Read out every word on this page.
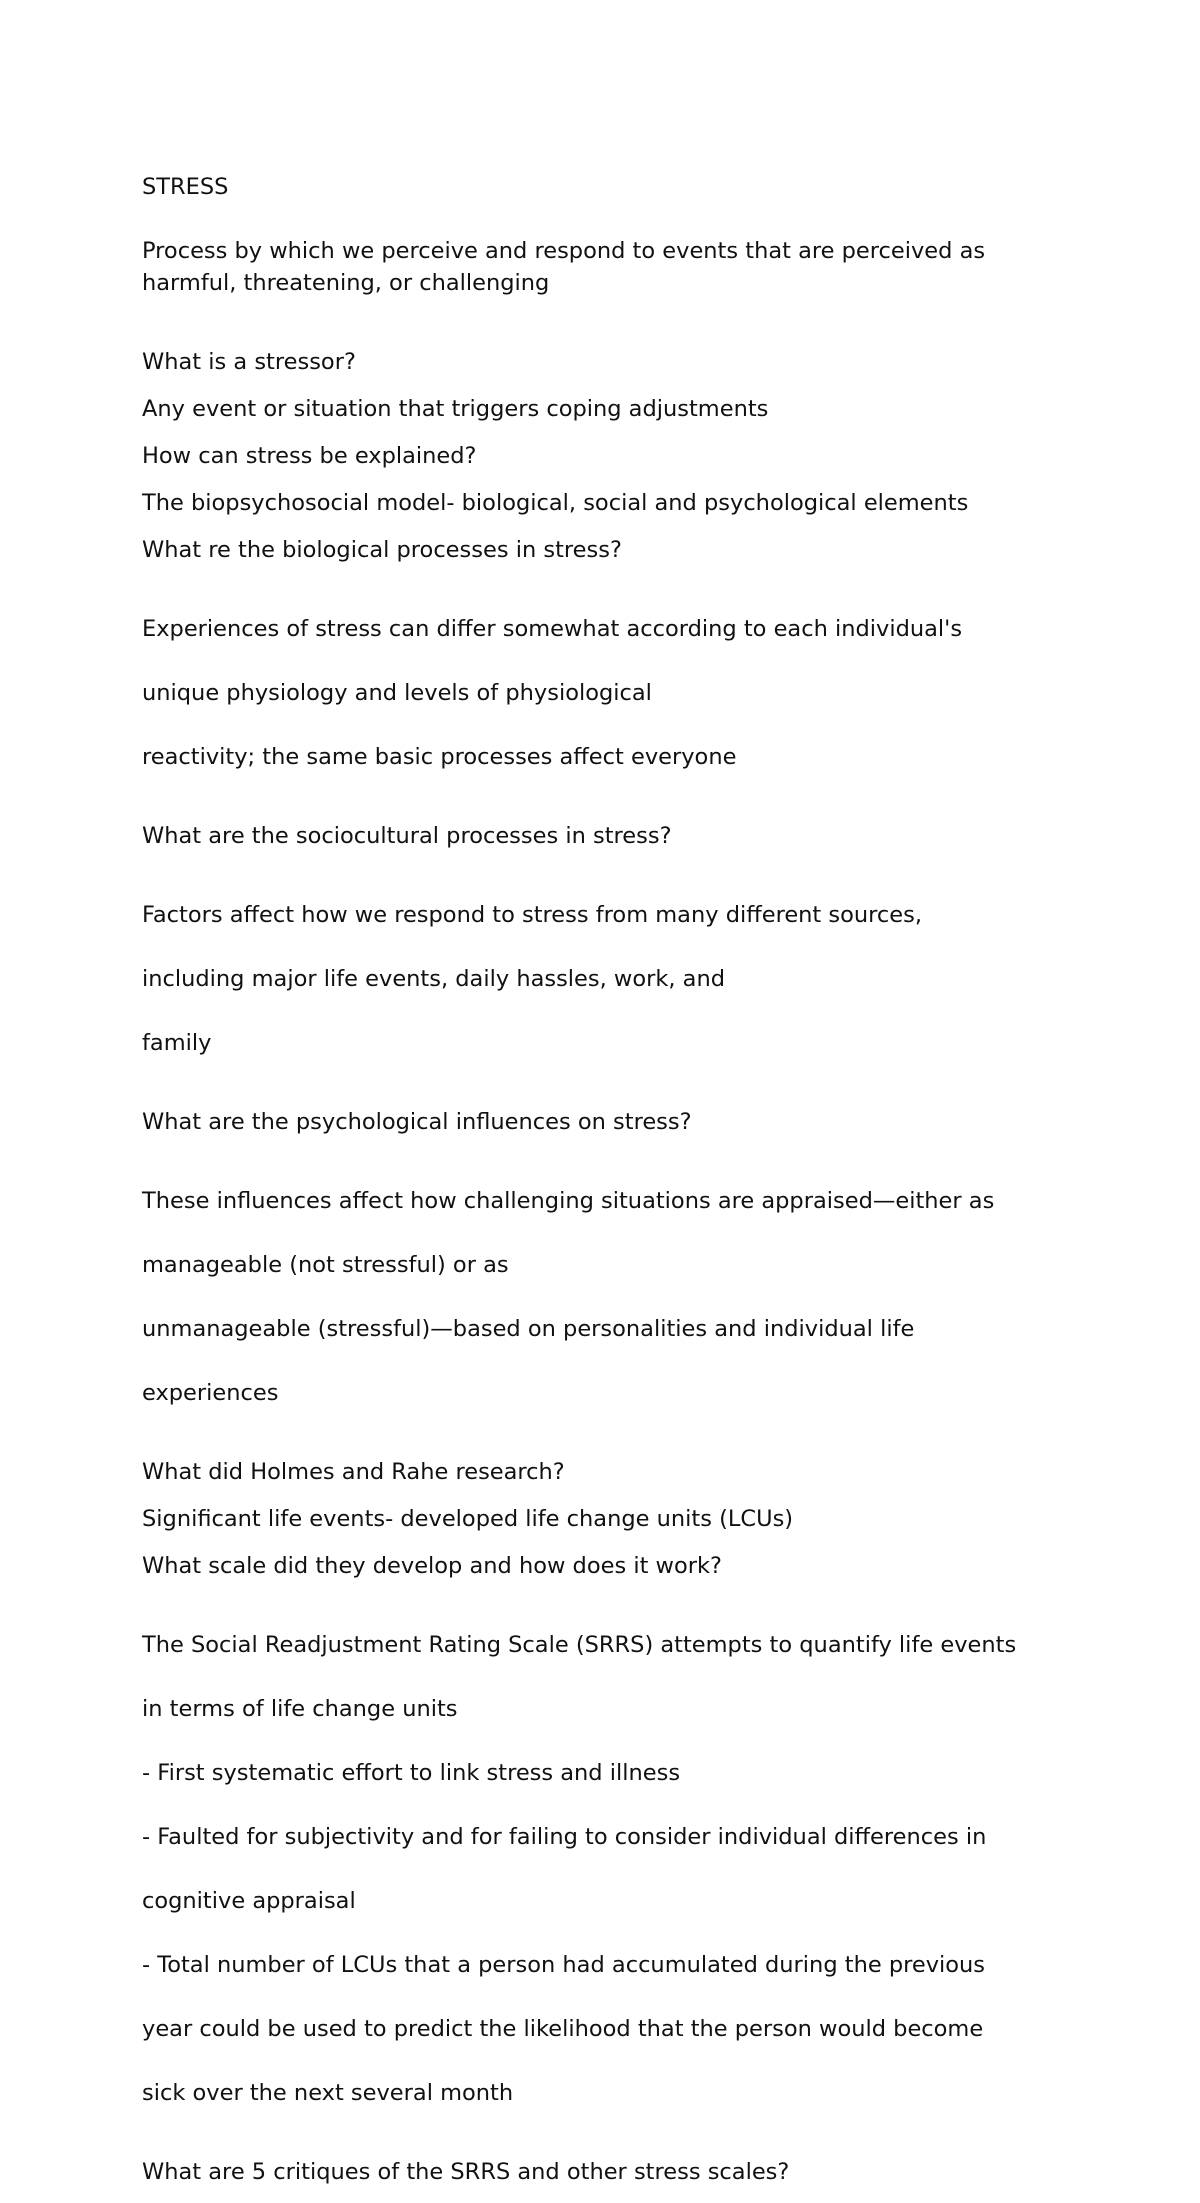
STRESS

Process by which we perceive and respond to events that are perceived as harmful, threatening, or challenging

What is a stressor?

Any event or situation that triggers coping adjustments

How can stress be explained?

The biopsychosocial model- biological, social and psychological elements

What re the biological processes in stress?

Experiences of stress can differ somewhat according to each individual's

unique physiology and levels of physiological

reactivity; the same basic processes affect everyone

What are the sociocultural processes in stress?

Factors affect how we respond to stress from many different sources,

including major life events, daily hassles, work, and

family

What are the psychological influences on stress?

These influences affect how challenging situations are appraised—either as

manageable (not stressful) or as

unmanageable (stressful)—based on personalities and individual life

experiences

What did Holmes and Rahe research?

Significant life events- developed life change units (LCUs)

What scale did they develop and how does it work?

The Social Readjustment Rating Scale (SRRS) attempts to quantify life events

in terms of life change units

- First systematic effort to link stress and illness

- Faulted for subjectivity and for failing to consider individual differences in

cognitive appraisal

- Total number of LCUs that a person had accumulated during the previous

year could be used to predict the likelihood that the person would become

sick over the next several month

What are 5 critiques of the SRRS and other stress scales?
